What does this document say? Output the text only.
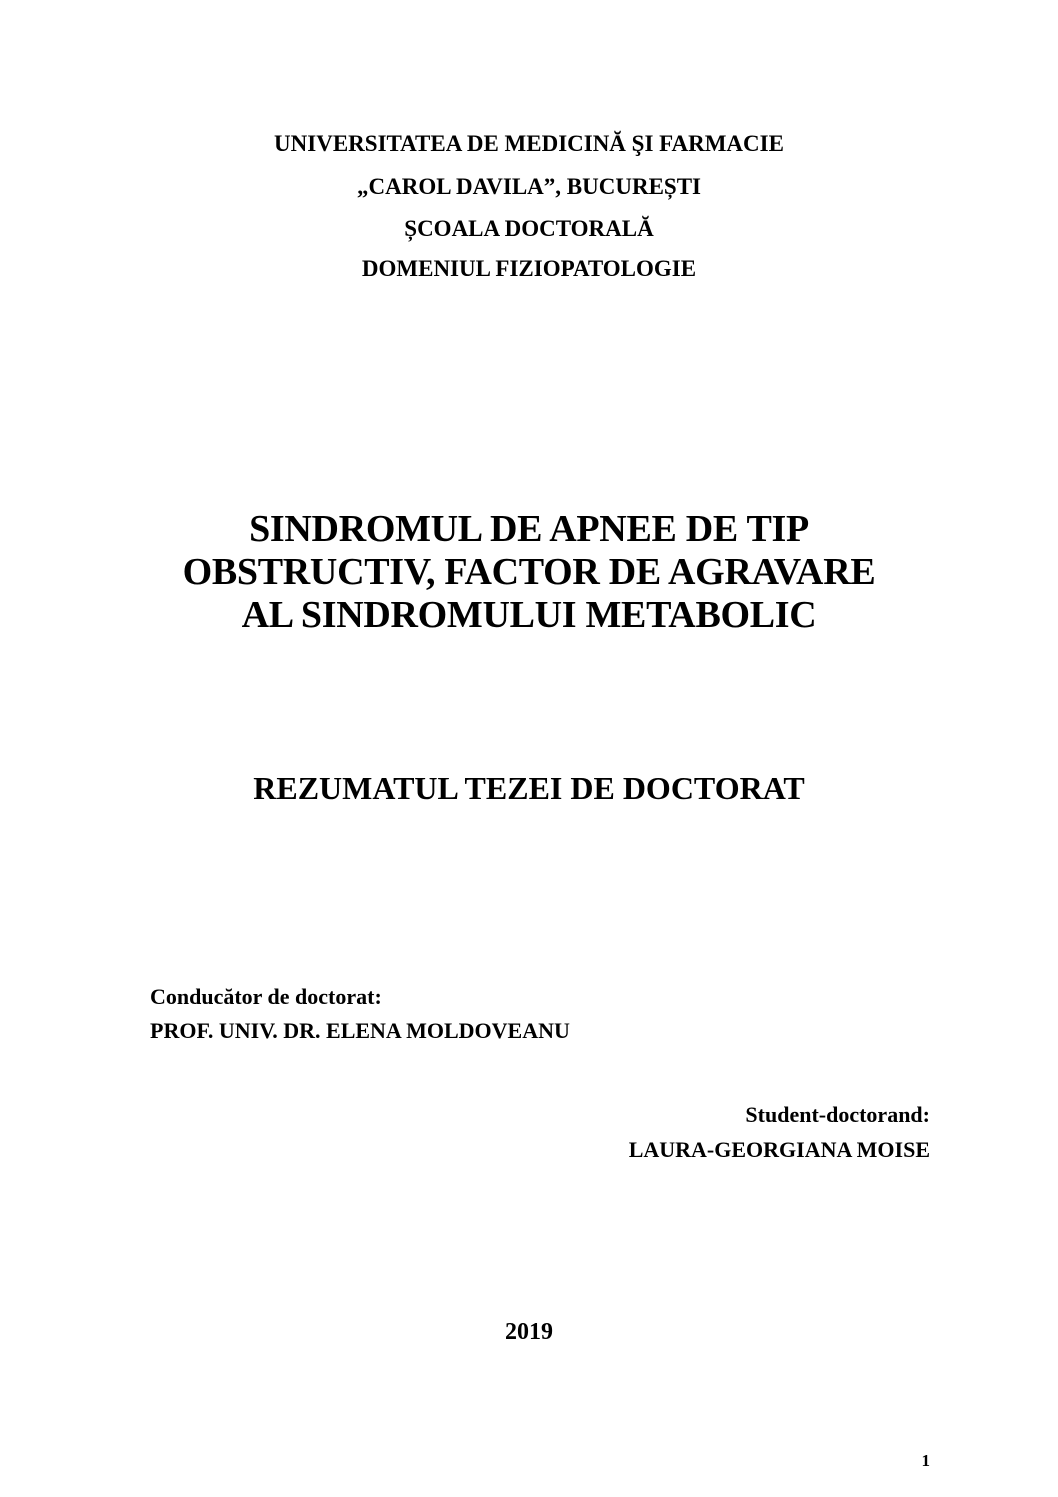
UNIVERSITATEA DE MEDICINĂ ŞI FARMACIE
„CAROL DAVILA”, BUCUREȘTI
ȘCOALA DOCTORALĂ
DOMENIUL FIZIOPATOLOGIE
SINDROMUL DE APNEE DE TIP
OBSTRUCTIV, FACTOR DE AGRAVARE
AL SINDROMULUI METABOLIC
REZUMATUL TEZEI DE DOCTORAT
Conducător de doctorat:
PROF. UNIV. DR. ELENA MOLDOVEANU
Student-doctorand:
LAURA-GEORGIANA MOISE
2019
1
